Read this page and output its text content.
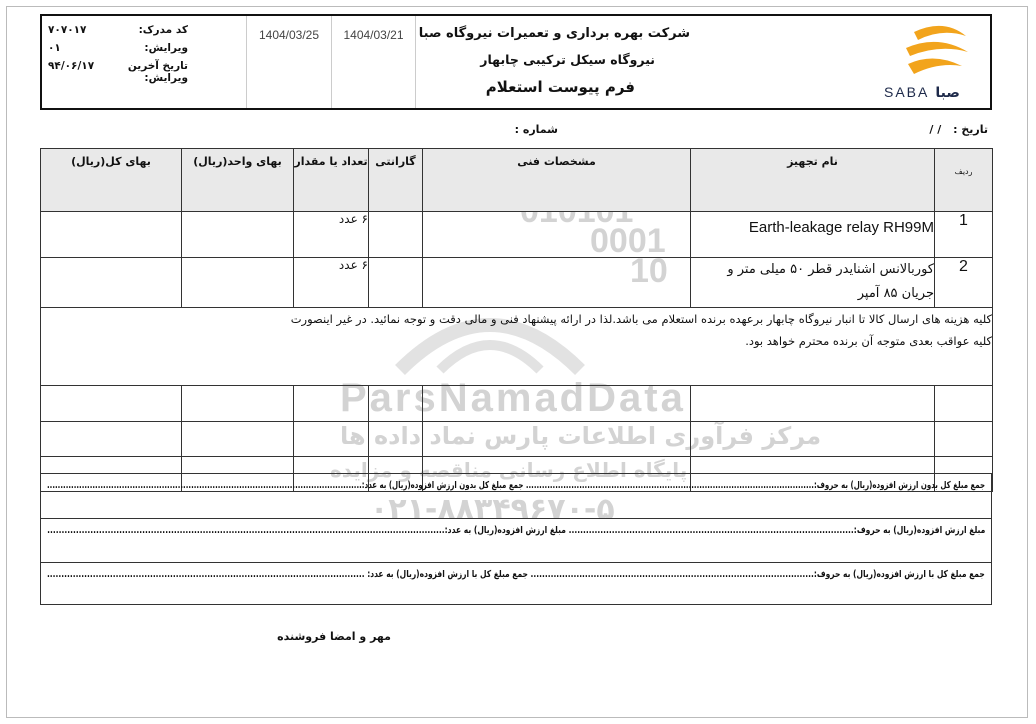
0001
10
ParsNamadData
مرکز فرآوری اطلاعات پارس نماد داده ها
پایگاه اطلاع رسانی مناقصه و مزایده
۰۲۱-۸۸۳۴۹۶۷۰-۵
شرکت بهره برداری و تعمیرات نیروگاه صبا
نیروگاه سیکل ترکیبی چابهار
فرم پیوست استعلام
1404/03/21
1404/03/25
کد مدرک:
۷۰۷۰۱۷
ویرایش:
۰۱
تاریخ آخرین ویرایش:
۹۴/۰۶/۱۷
SABA صبا
تاریخ : / /
شماره :
ردیف	نام تجهیز	مشخصات فنی	گارانتی	تعداد یا مقدار	بهای واحد(ریال)	بهای کل(ریال)
1	Earth-leakage relay RH99M			۶ عدد		
2	کوربالانس اشنایدر قطر ۵۰ میلی متر و جریان ۸۵ آمپر			۶ عدد		

کلیه هزینه های ارسال کالا تا انبار نیروگاه چابهار برعهده برنده استعلام می باشد.لذا در ارائه پیشنهاد فنی و مالی دقت و توجه نمائید. در غیر اینصورت
کلیه عواقب بعدی متوجه آن برنده محترم خواهد بود.						

جمع مبلغ کل بدون ارزش افزوده(ریال) به حروف:............................................................................................................ جمع مبلغ کل بدون ارزش افزوده(ریال) به عدد:......................................................................................................................
مبلغ ارزش افزوده(ریال) به حروف:................................................................................................... مبلغ ارزش افزوده(ریال) به عدد:..........................................................................................................................................
جمع مبلغ کل با ارزش افزوده(ریال) به حروف:................................................................................................... جمع مبلغ کل با ارزش افزوده(ریال) به عدد: ...............................................................................................................
مهر و امضا فروشنده
